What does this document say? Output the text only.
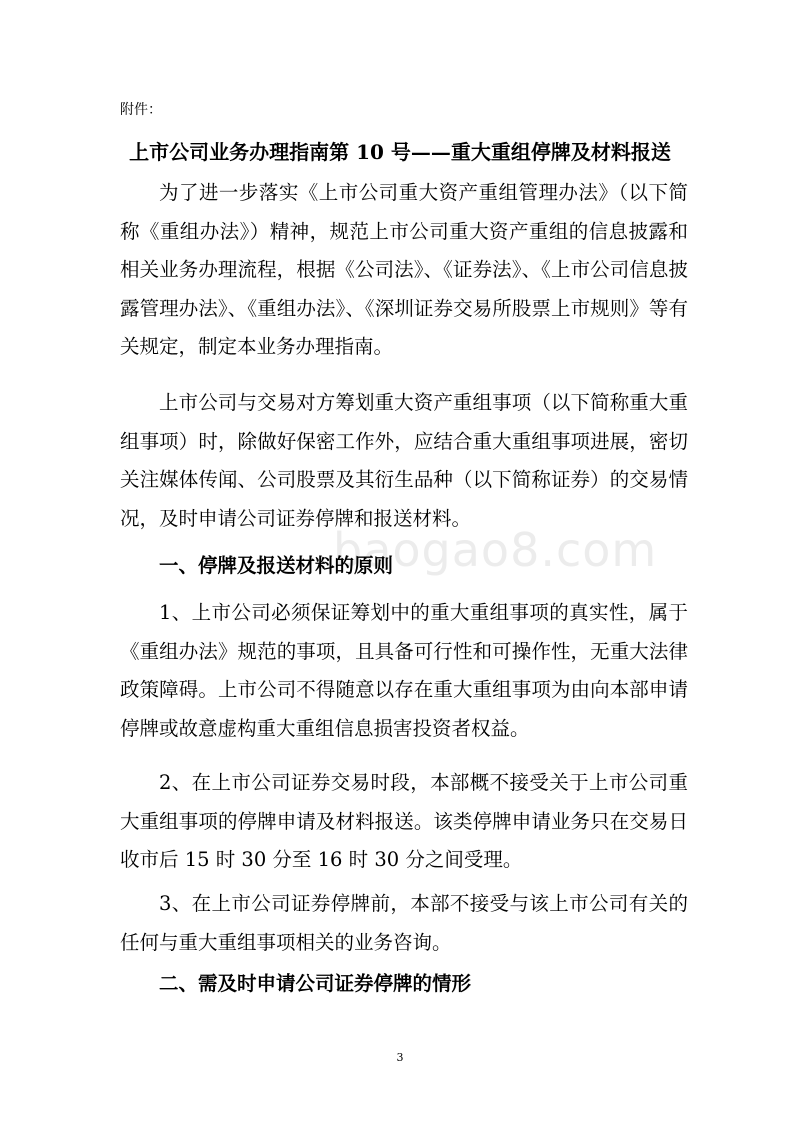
附件：
上市公司业务办理指南第 10 号——重大重组停牌及材料报送

为了进一步落实《上市公司重大资产重组管理办法》（以下简称《重组办法》）精神，规范上市公司重大资产重组的信息披露和相关业务办理流程，根据《公司法》、《证券法》、《上市公司信息披露管理办法》、《重组办法》、《深圳证券交易所股票上市规则》等有关规定，制定本业务办理指南。

上市公司与交易对方筹划重大资产重组事项（以下简称重大重组事项）时，除做好保密工作外，应结合重大重组事项进展，密切关注媒体传闻、公司股票及其衍生品种（以下简称证券）的交易情况，及时申请公司证券停牌和报送材料。

baogao8.com
一、停牌及报送材料的原则

1、上市公司必须保证筹划中的重大重组事项的真实性，属于《重组办法》规范的事项，且具备可行性和可操作性，无重大法律政策障碍。上市公司不得随意以存在重大重组事项为由向本部申请停牌或故意虚构重大重组信息损害投资者权益。

2、在上市公司证券交易时段，本部概不接受关于上市公司重大重组事项的停牌申请及材料报送。该类停牌申请业务只在交易日收市后 15 时 30 分至 16 时 30 分之间受理。

3、在上市公司证券停牌前，本部不接受与该上市公司有关的任何与重大重组事项相关的业务咨询。

二、需及时申请公司证券停牌的情形
3
